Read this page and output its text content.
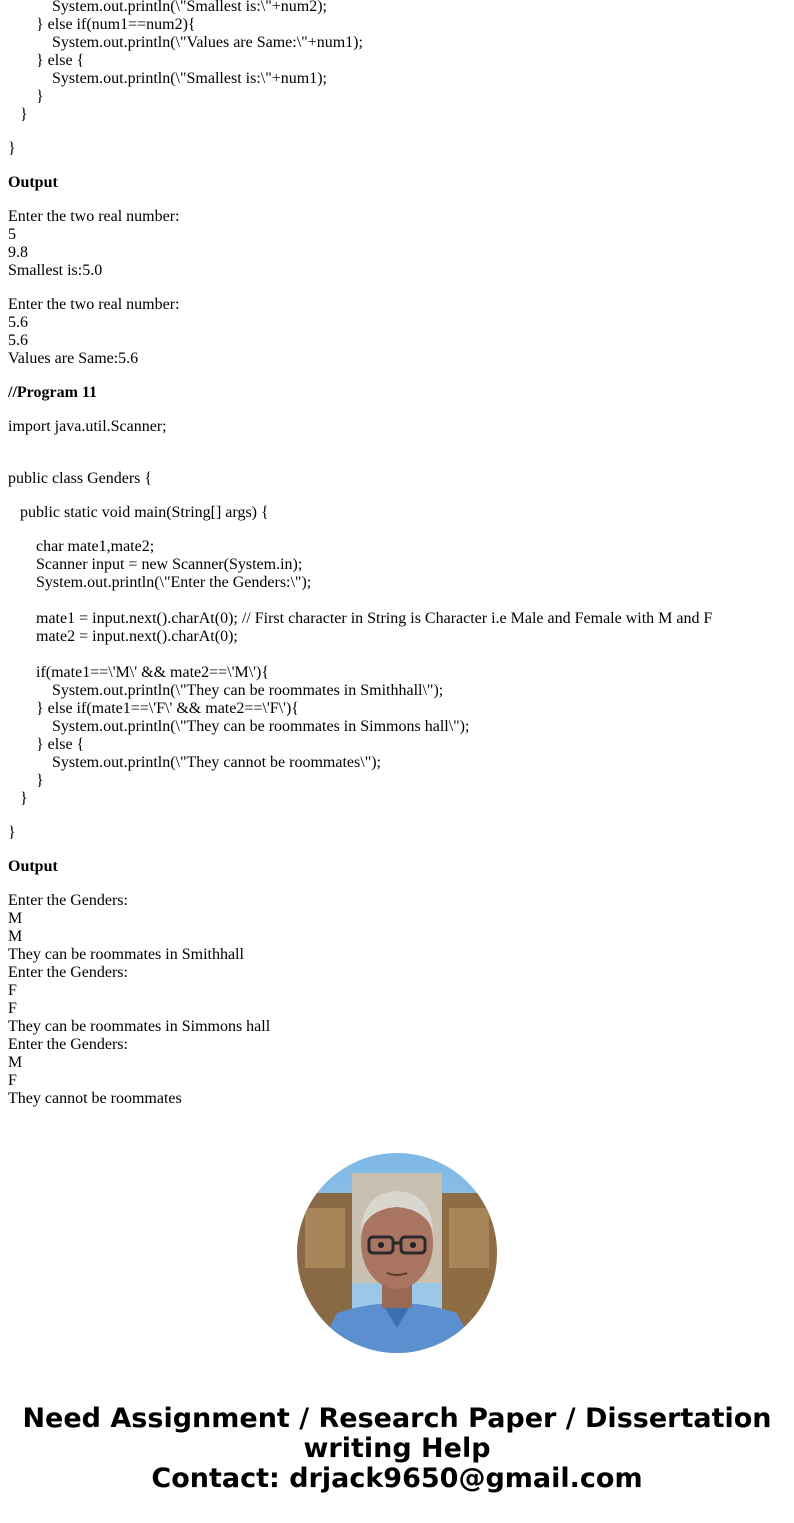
System.out.println(\"Smallest is:\"+num2);
} else if(num1==num2){
System.out.println(\"Values are Same:\"+num1);
} else {
System.out.println(\"Smallest is:\"+num1);
}
}
}
Output
Enter the two real number:
5
9.8
Smallest is:5.0
Enter the two real number:
5.6
5.6
Values are Same:5.6
//Program 11
import java.util.Scanner;
public class Genders {
public static void main(String[] args) {
char mate1,mate2;
Scanner input = new Scanner(System.in);
System.out.println(\"Enter the Genders:\");
mate1 = input.next().charAt(0); // First character in String is Character i.e Male and Female with M and F
mate2 = input.next().charAt(0);
if(mate1==\'M\' && mate2==\'M\'){
System.out.println(\"They can be roommates in Smithhall\");
} else if(mate1==\'F\' && mate2==\'F\'){
System.out.println(\"They can be roommates in Simmons hall\");
} else {
System.out.println(\"They cannot be roommates\");
}
}
}
Output
Enter the Genders:
M
M
They can be roommates in Smithhall
Enter the Genders:
F
F
They can be roommates in Simmons hall
Enter the Genders:
M
F
They cannot be roommates
Need Assignment / Research Paper / Dissertation
writing Help
Contact: drjack9650@gmail.com
